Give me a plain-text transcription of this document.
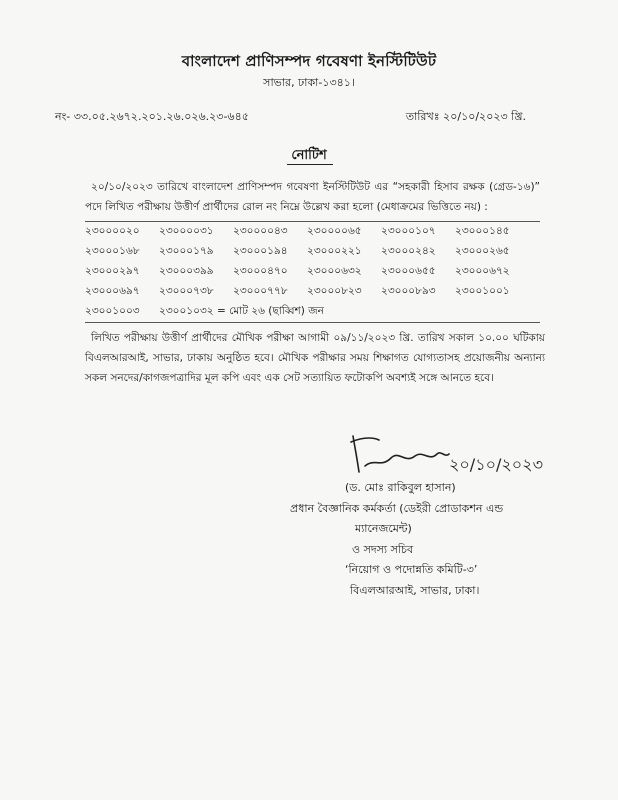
বাংলাদেশ প্রাণিসম্পদ গবেষণা ইনস্টিটিউট
সাভার, ঢাকা-১৩৪১।
নং- ৩৩.০৫.২৬৭২.২০১.২৬.০২৬.২৩-৬৪৫	তারিখঃ ২০/১০/২০২৩ খ্রি.
নোটিশ
২০/১০/২০২৩ তারিখে বাংলাদেশ প্রাণিসম্পদ গবেষণা ইনস্টিটিউট এর “সহকারী হিসাব রক্ষক (গ্রেড-১৬)” পদে লিখিত পরীক্ষায় উত্তীর্ণ প্রার্থীদের রোল নং নিম্নে উল্লেখ করা হলো (মেধাক্রমের ভিত্তিতে নয়) :
২৩০০০০২০	২৩০০০০৩১	২৩০০০০৪৩	২৩০০০০৬৫	২৩০০০১০৭	২৩০০০১৪৫
২৩০০০১৬৮	২৩০০০১৭৯	২৩০০০১৯৪	২৩০০০২২১	২৩০০০২৪২	২৩০০০২৬৫
২৩০০০২৯৭	২৩০০০৩৯৯	২৩০০০৪৭০	২৩০০০৬৩২	২৩০০০৬৫৫	২৩০০০৬৭২
২৩০০০৬৯৭	২৩০০০৭৩৮	২৩০০০৭৭৮	২৩০০০৮২৩	২৩০০০৮৯৩	২৩০০১০০১
২৩০০১০০৩	২৩০০১০৩২ = মোট ২৬ (ছাব্বিশ) জন
লিখিত পরীক্ষায় উত্তীর্ণ প্রার্থীদের মৌখিক পরীক্ষা আগামী ০৯/১১/২০২৩ খ্রি. তারিখ সকাল ১০.০০ ঘটিকায় বিএলআরআই, সাভার, ঢাকায় অনুষ্ঠিত হবে। মৌখিক পরীক্ষার সময় শিক্ষাগত যোগ্যতাসহ প্রয়োজনীয় অন্যান্য সকল সনদের/কাগজপত্রাদির মূল কপি এবং এক সেট সত্যায়িত ফটোকপি অবশ্যই সঙ্গে আনতে হবে।
২০/১০/২০২৩
(ড. মোঃ রাকিবুল হাসান)
প্রধান বৈজ্ঞানিক কর্মকর্তা (ডেইরী প্রোডাকশন এন্ড
ম্যানেজমেন্ট)
ও সদস্য সচিব
‘নিয়োগ ও পদোন্নতি কমিটি-৩’
বিএলআরআই, সাভার, ঢাকা।
